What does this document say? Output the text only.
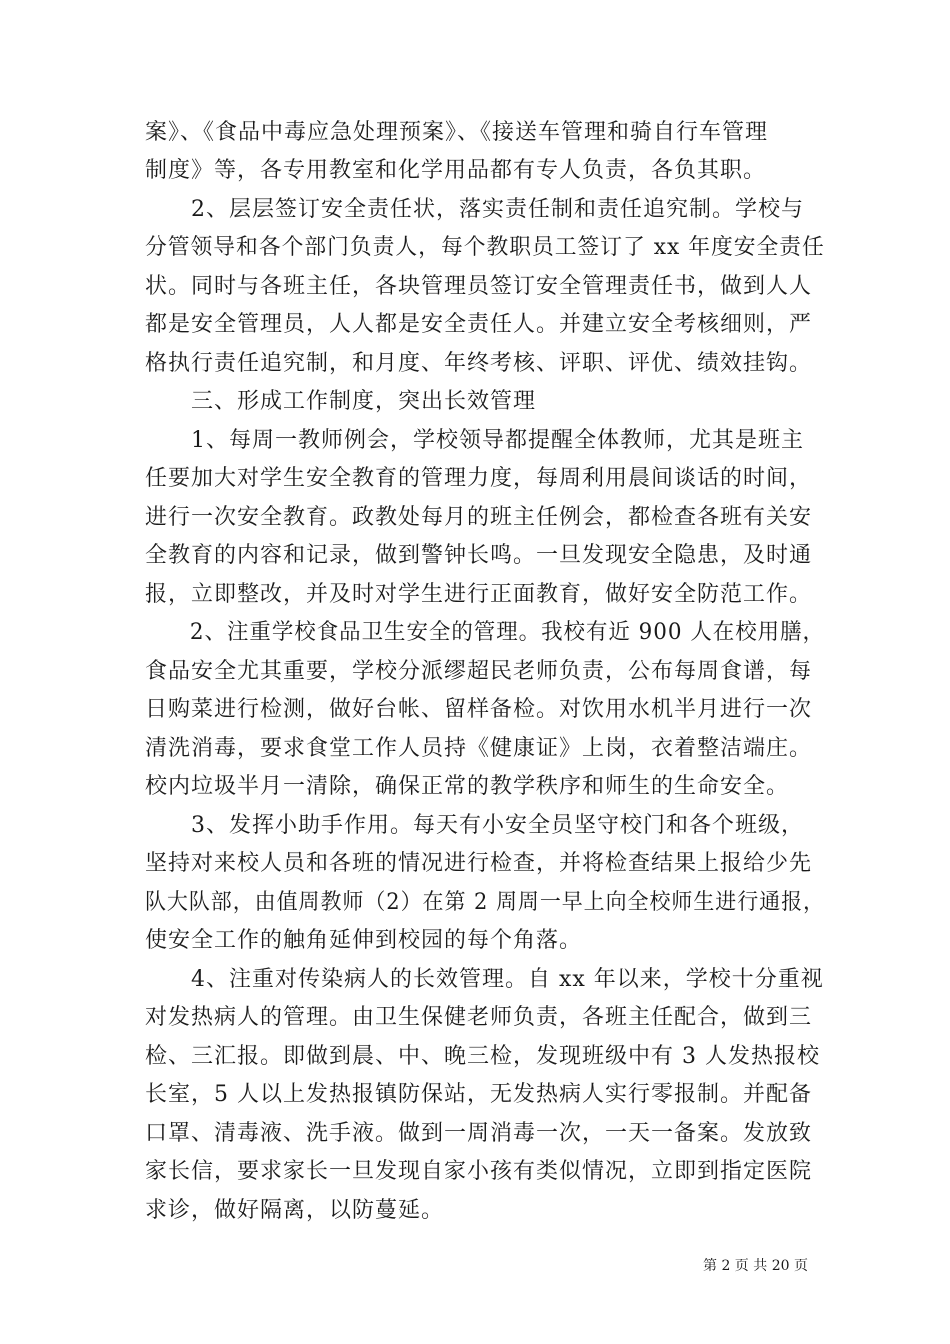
案》、《食品中毒应急处理预案》、《接送车管理和骑自行车管理
制度》等，各专用教室和化学用品都有专人负责，各负其职。
　　2、层层签订安全责任状，落实责任制和责任追究制。学校与
分管领导和各个部门负责人，每个教职员工签订了 xx 年度安全责任
状。同时与各班主任，各块管理员签订安全管理责任书，做到人人
都是安全管理员，人人都是安全责任人。并建立安全考核细则，严
格执行责任追究制，和月度、年终考核、评职、评优、绩效挂钩。
　　三、形成工作制度，突出长效管理
　　1、每周一教师例会，学校领导都提醒全体教师，尤其是班主
任要加大对学生安全教育的管理力度，每周利用晨间谈话的时间，
进行一次安全教育。政教处每月的班主任例会，都检查各班有关安
全教育的内容和记录，做到警钟长鸣。一旦发现安全隐患，及时通
报，立即整改，并及时对学生进行正面教育，做好安全防范工作。
　　2、注重学校食品卫生安全的管理。我校有近 900 人在校用膳，
食品安全尤其重要，学校分派缪超民老师负责，公布每周食谱，每
日购菜进行检测，做好台帐、留样备检。对饮用水机半月进行一次
清洗消毒，要求食堂工作人员持《健康证》上岗，衣着整洁端庄。
校内垃圾半月一清除，确保正常的教学秩序和师生的生命安全。
　　3、发挥小助手作用。每天有小安全员坚守校门和各个班级，
坚持对来校人员和各班的情况进行检查，并将检查结果上报给少先
队大队部，由值周教师（2）在第 2 周周一早上向全校师生进行通报，
使安全工作的触角延伸到校园的每个角落。
　　4、注重对传染病人的长效管理。自 xx 年以来，学校十分重视
对发热病人的管理。由卫生保健老师负责，各班主任配合，做到三
检、三汇报。即做到晨、中、晚三检，发现班级中有 3 人发热报校
长室，5 人以上发热报镇防保站，无发热病人实行零报制。并配备
口罩、清毒液、洗手液。做到一周消毒一次，一天一备案。发放致
家长信，要求家长一旦发现自家小孩有类似情况，立即到指定医院
求诊，做好隔离，以防蔓延。
第 2 页 共 20 页
